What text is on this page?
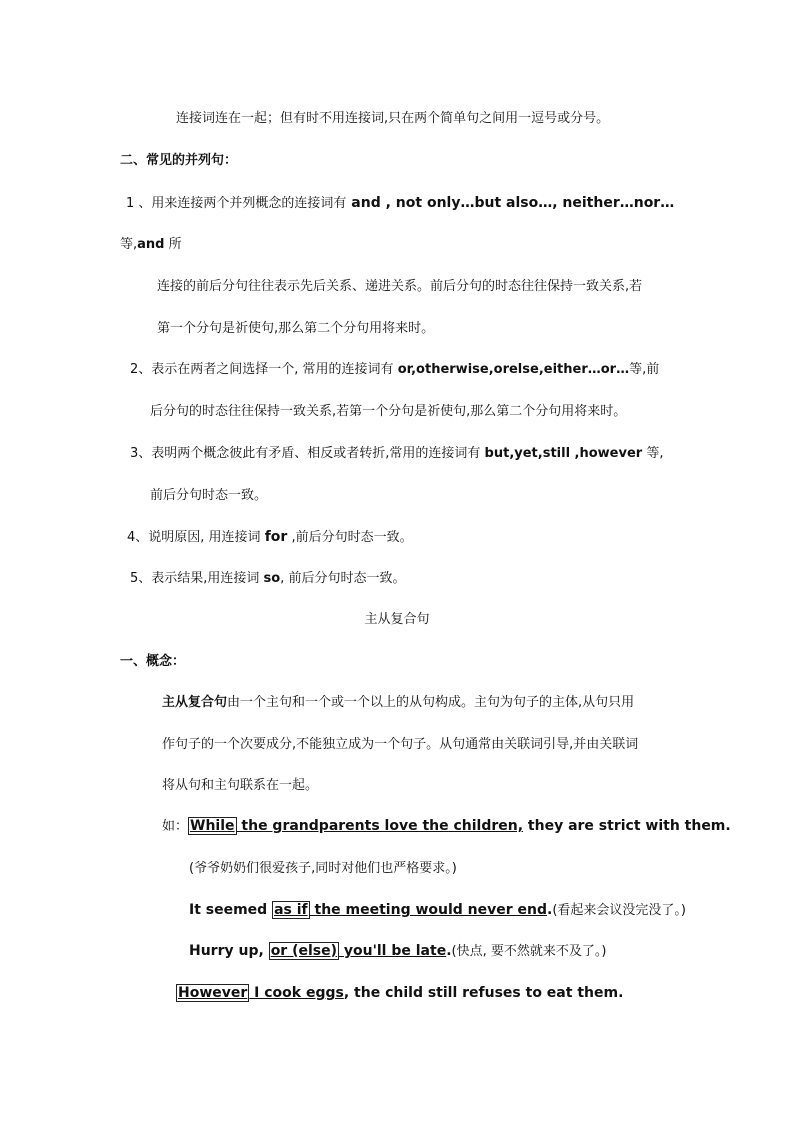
连接词连在一起；但有时不用连接词,只在两个简单句之间用一逗号或分号。
二、常见的并列句：
1 、用来连接两个并列概念的连接词有 and , not only…but also…, neither…nor…
等,and 所
连接的前后分句往往表示先后关系、递进关系。前后分句的时态往往保持一致关系,若
第一个分句是祈使句,那么第二个分句用将来时。
2、表示在两者之间选择一个, 常用的连接词有 or,otherwise,orelse,either…or…等,前
后分句的时态往往保持一致关系,若第一个分句是祈使句,那么第二个分句用将来时。
3、表明两个概念彼此有矛盾、相反或者转折,常用的连接词有 but,yet,still ,however 等,
前后分句时态一致。
4、说明原因, 用连接词 for ,前后分句时态一致。
5、表示结果,用连接词 so, 前后分句时态一致。
主从复合句
一、概念：
主从复合句由一个主句和一个或一个以上的从句构成。主句为句子的主体,从句只用
作句子的一个次要成分,不能独立成为一个句子。从句通常由关联词引导,并由关联词
将从句和主句联系在一起。
如： While the grandparents love the children, they are strict with them.
(爷爷奶奶们很爱孩子,同时对他们也严格要求。)
It seemed as if the meeting would never end.(看起来会议没完没了。)
Hurry up, or (else) you'll be late.(快点, 要不然就来不及了。)
However I cook eggs, the child still refuses to eat them.
